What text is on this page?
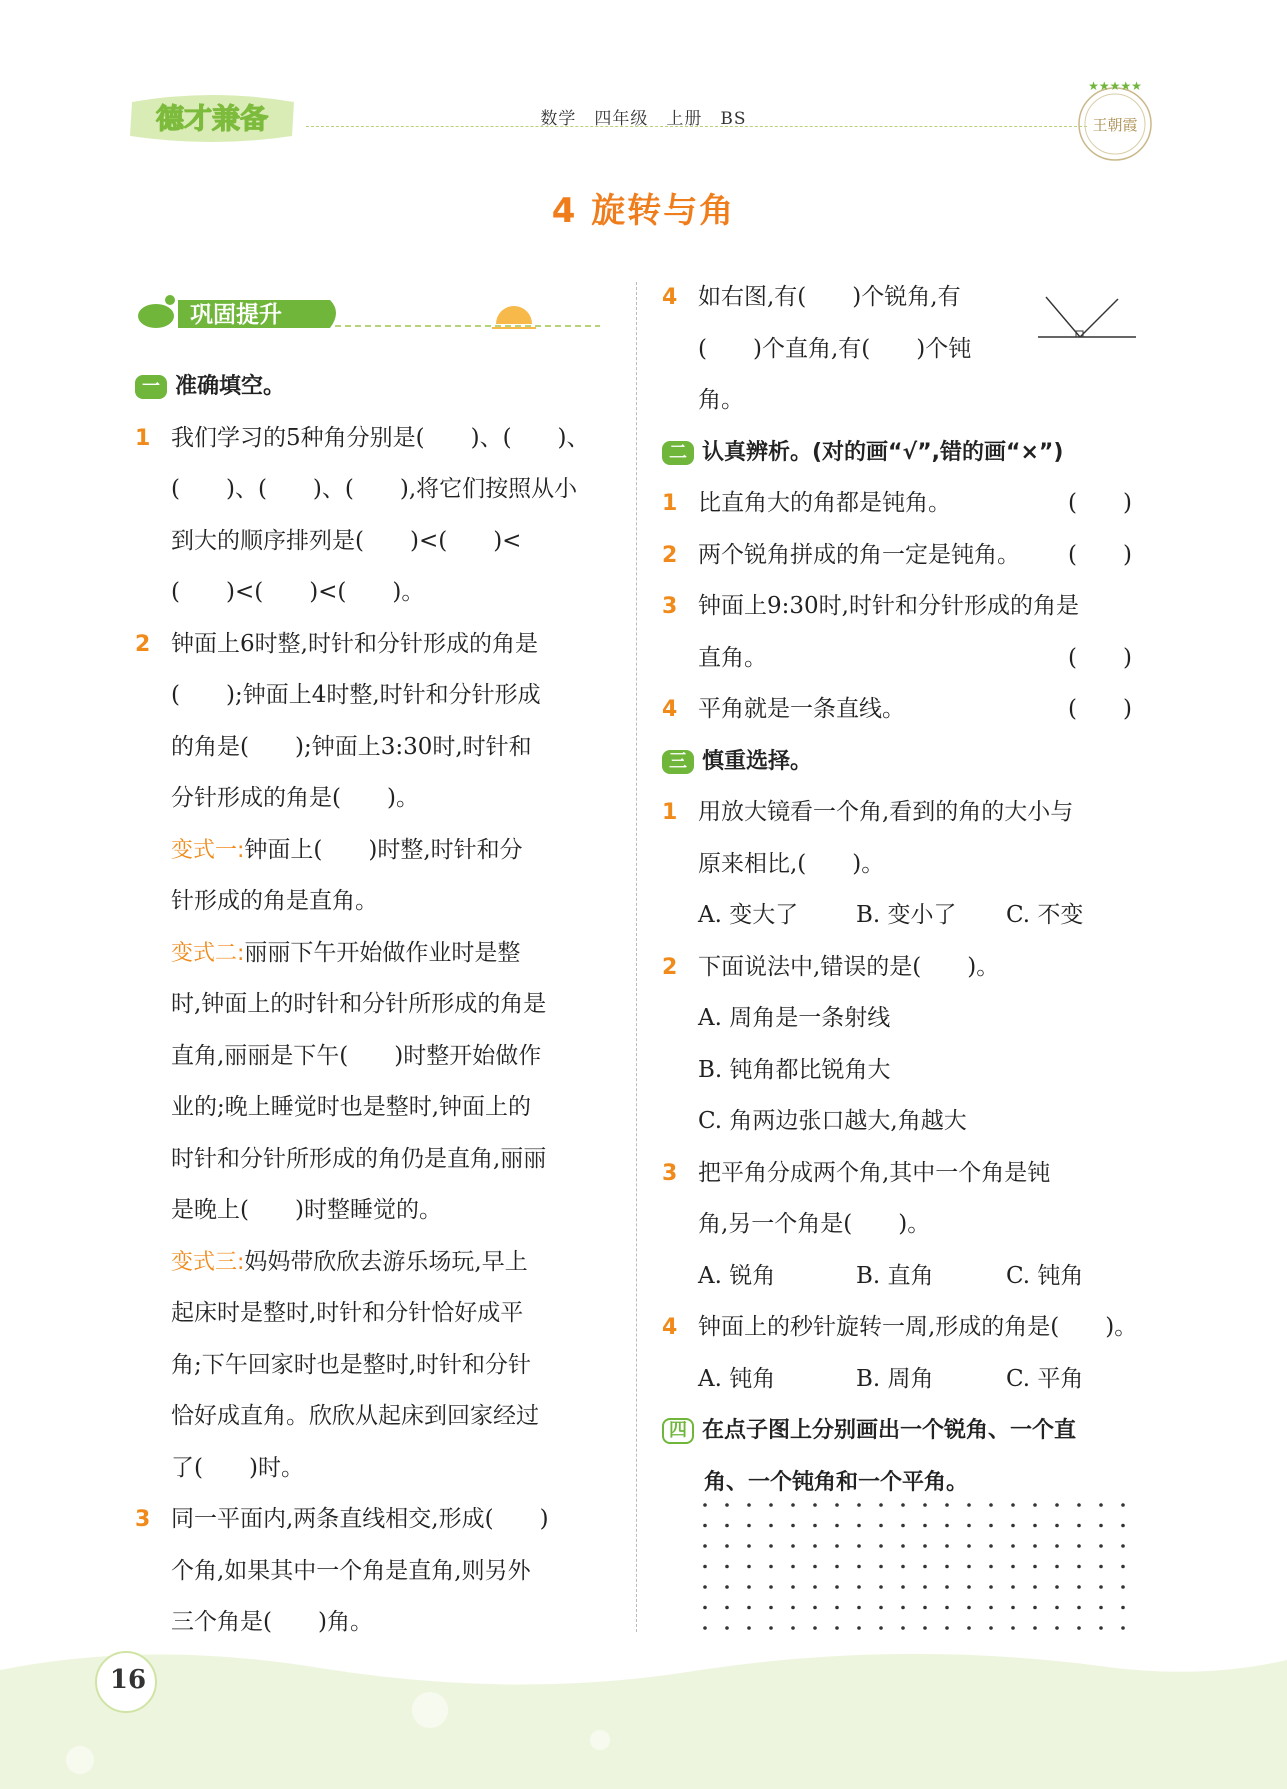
德才兼备	数学　四年级　上册　BS
★★★★★
王朝霞
4 旋转与角
巩固提升
一 准确填空。
1 我们学习的5种角分别是(　　)、(　　)、
(　　)、(　　)、(　　),将它们按照从小
到大的顺序排列是(　　)<(　　)<
(　　)<(　　)<(　　)。
2 钟面上6时整,时针和分针形成的角是
(　　);钟面上4时整,时针和分针形成
的角是(　　);钟面上3:30时,时针和
分针形成的角是(　　)。
变式一:钟面上(　　)时整,时针和分
针形成的角是直角。
变式二:丽丽下午开始做作业时是整
时,钟面上的时针和分针所形成的角是
直角,丽丽是下午(　　)时整开始做作
业的;晚上睡觉时也是整时,钟面上的
时针和分针所形成的角仍是直角,丽丽
是晚上(　　)时整睡觉的。
变式三:妈妈带欣欣去游乐场玩,早上
起床时是整时,时针和分针恰好成平
角;下午回家时也是整时,时针和分针
恰好成直角。欣欣从起床到回家经过
了(　　)时。
3 同一平面内,两条直线相交,形成(　　)
个角,如果其中一个角是直角,则另外
三个角是(　　)角。
4 如右图,有(　　)个锐角,有
(　　)个直角,有(　　)个钝
角。
二 认真辨析。(对的画“√”,错的画“×”)
1 比直角大的角都是钝角。	(　　)
2 两个锐角拼成的角一定是钝角。 (　　)
3 钟面上9:30时,时针和分针形成的角是
直角。	(　　)
4 平角就是一条直线。	(　　)
三 慎重选择。
1 用放大镜看一个角,看到的角的大小与
原来相比,(　　)。
A. 变大了	B. 变小了 C. 不变
2 下面说法中,错误的是(　　)。
A. 周角是一条射线
B. 钝角都比锐角大
C. 角两边张口越大,角越大
3 把平角分成两个角,其中一个角是钝
角,另一个角是(　　)。
A. 锐角	B. 直角	C. 钝角
4 钟面上的秒针旋转一周,形成的角是(　　)。
A. 钝角	B. 周角	C. 平角
四 在点子图上分别画出一个锐角、一个直
角、一个钝角和一个平角。
16
